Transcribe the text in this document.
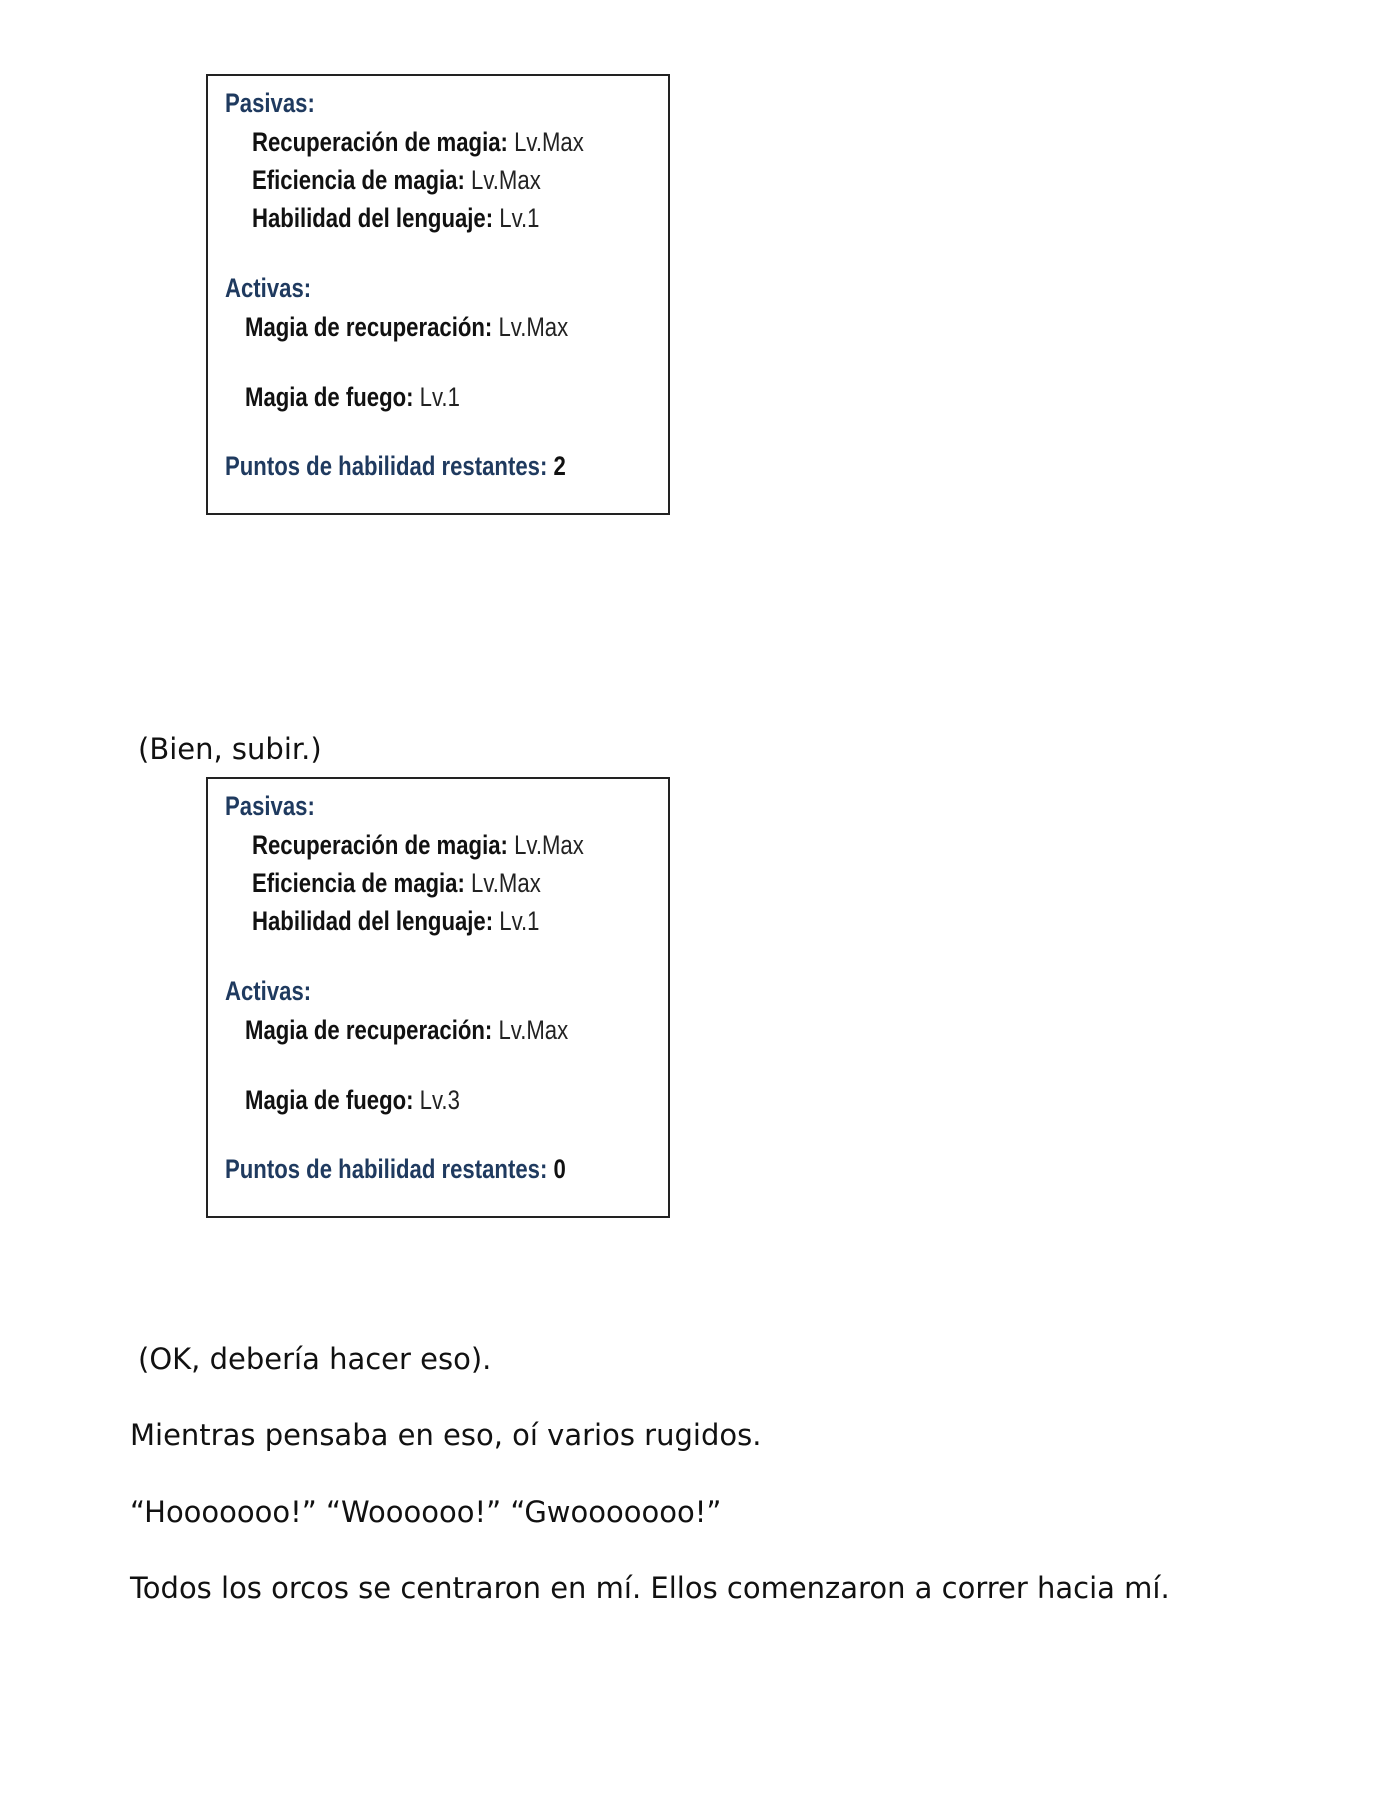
Pasivas:
Recuperación de magia: Lv.Max
Eficiencia de magia: Lv.Max
Habilidad del lenguaje: Lv.1
Activas:
Magia de recuperación: Lv.Max
Magia de fuego: Lv.1
Puntos de habilidad restantes: 2

(Bien, subir.)

Pasivas:
Recuperación de magia: Lv.Max
Eficiencia de magia: Lv.Max
Habilidad del lenguaje: Lv.1
Activas:
Magia de recuperación: Lv.Max
Magia de fuego: Lv.3
Puntos de habilidad restantes: 0

(OK, debería hacer eso).

Mientras pensaba en eso, oí varios rugidos.

“Hooooooo!” “Woooooo!” “Gwooooooo!”

Todos los orcos se centraron en mí. Ellos comenzaron a correr hacia mí.
